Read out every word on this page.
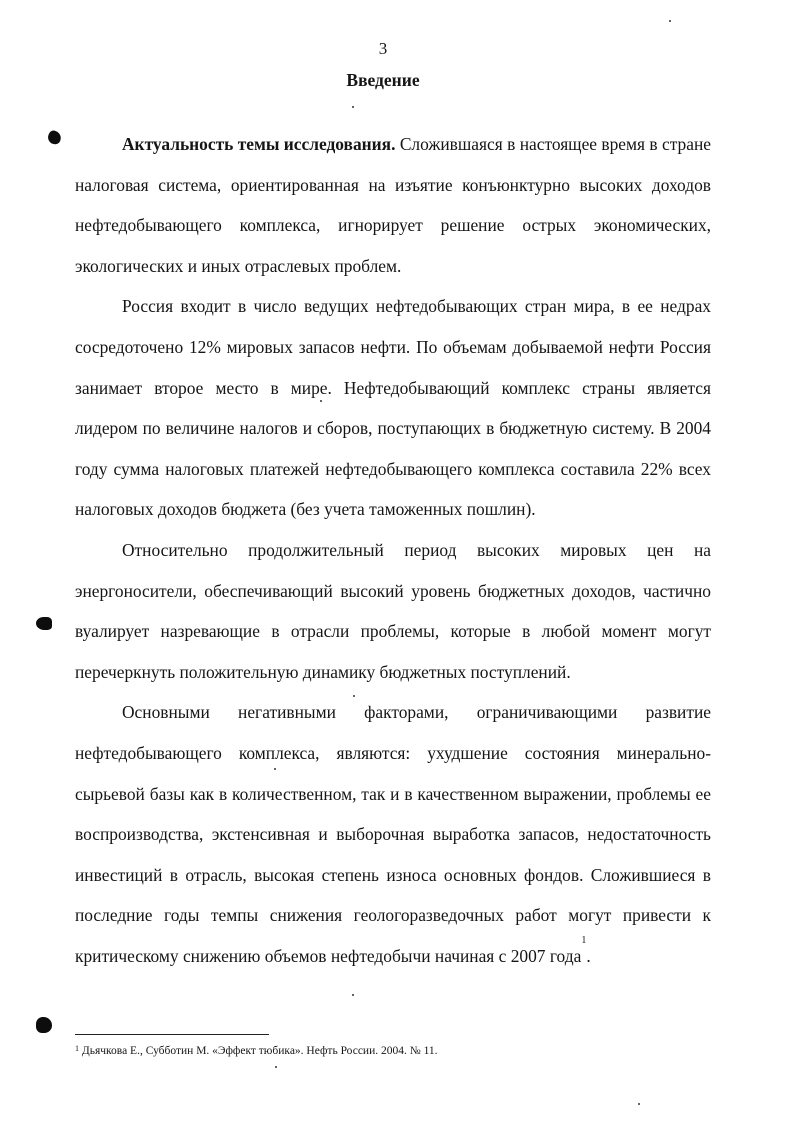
3
Введение

Актуальность темы исследования. Сложившаяся в настоящее время в стране налоговая система, ориентированная на изъятие конъюнктурно высоких доходов нефтедобывающего комплекса, игнорирует решение острых экономических, экологических и иных отраслевых проблем.

Россия входит в число ведущих нефтедобывающих стран мира, в ее недрах сосредоточено 12% мировых запасов нефти. По объемам добываемой нефти Россия занимает второе место в мире. Нефтедобывающий комплекс страны является лидером по величине налогов и сборов, поступающих в бюджетную систему. В 2004 году сумма налоговых платежей нефтедобывающего комплекса составила 22% всех налоговых доходов бюджета (без учета таможенных пошлин).

Относительно продолжительный период высоких мировых цен на энергоносители, обеспечивающий высокий уровень бюджетных доходов, частично вуалирует назревающие в отрасли проблемы, которые в любой момент могут перечеркнуть положительную динамику бюджетных поступлений.

Основными негативными факторами, ограничивающими развитие нефтедобывающего комплекса, являются: ухудшение состояния минерально-сырьевой базы как в количественном, так и в качественном выражении, проблемы ее воспроизводства, экстенсивная и выборочная выработка запасов, недостаточность инвестиций в отрасль, высокая степень износа основных фондов. Сложившиеся в последние годы темпы снижения геологоразведочных работ могут привести к критическому снижению объемов нефтедобычи начиная с 2007 года$^1$.

$^1$ Дьячкова Е., Субботин М. «Эффект тюбика». Нефть России. 2004. № 11.
